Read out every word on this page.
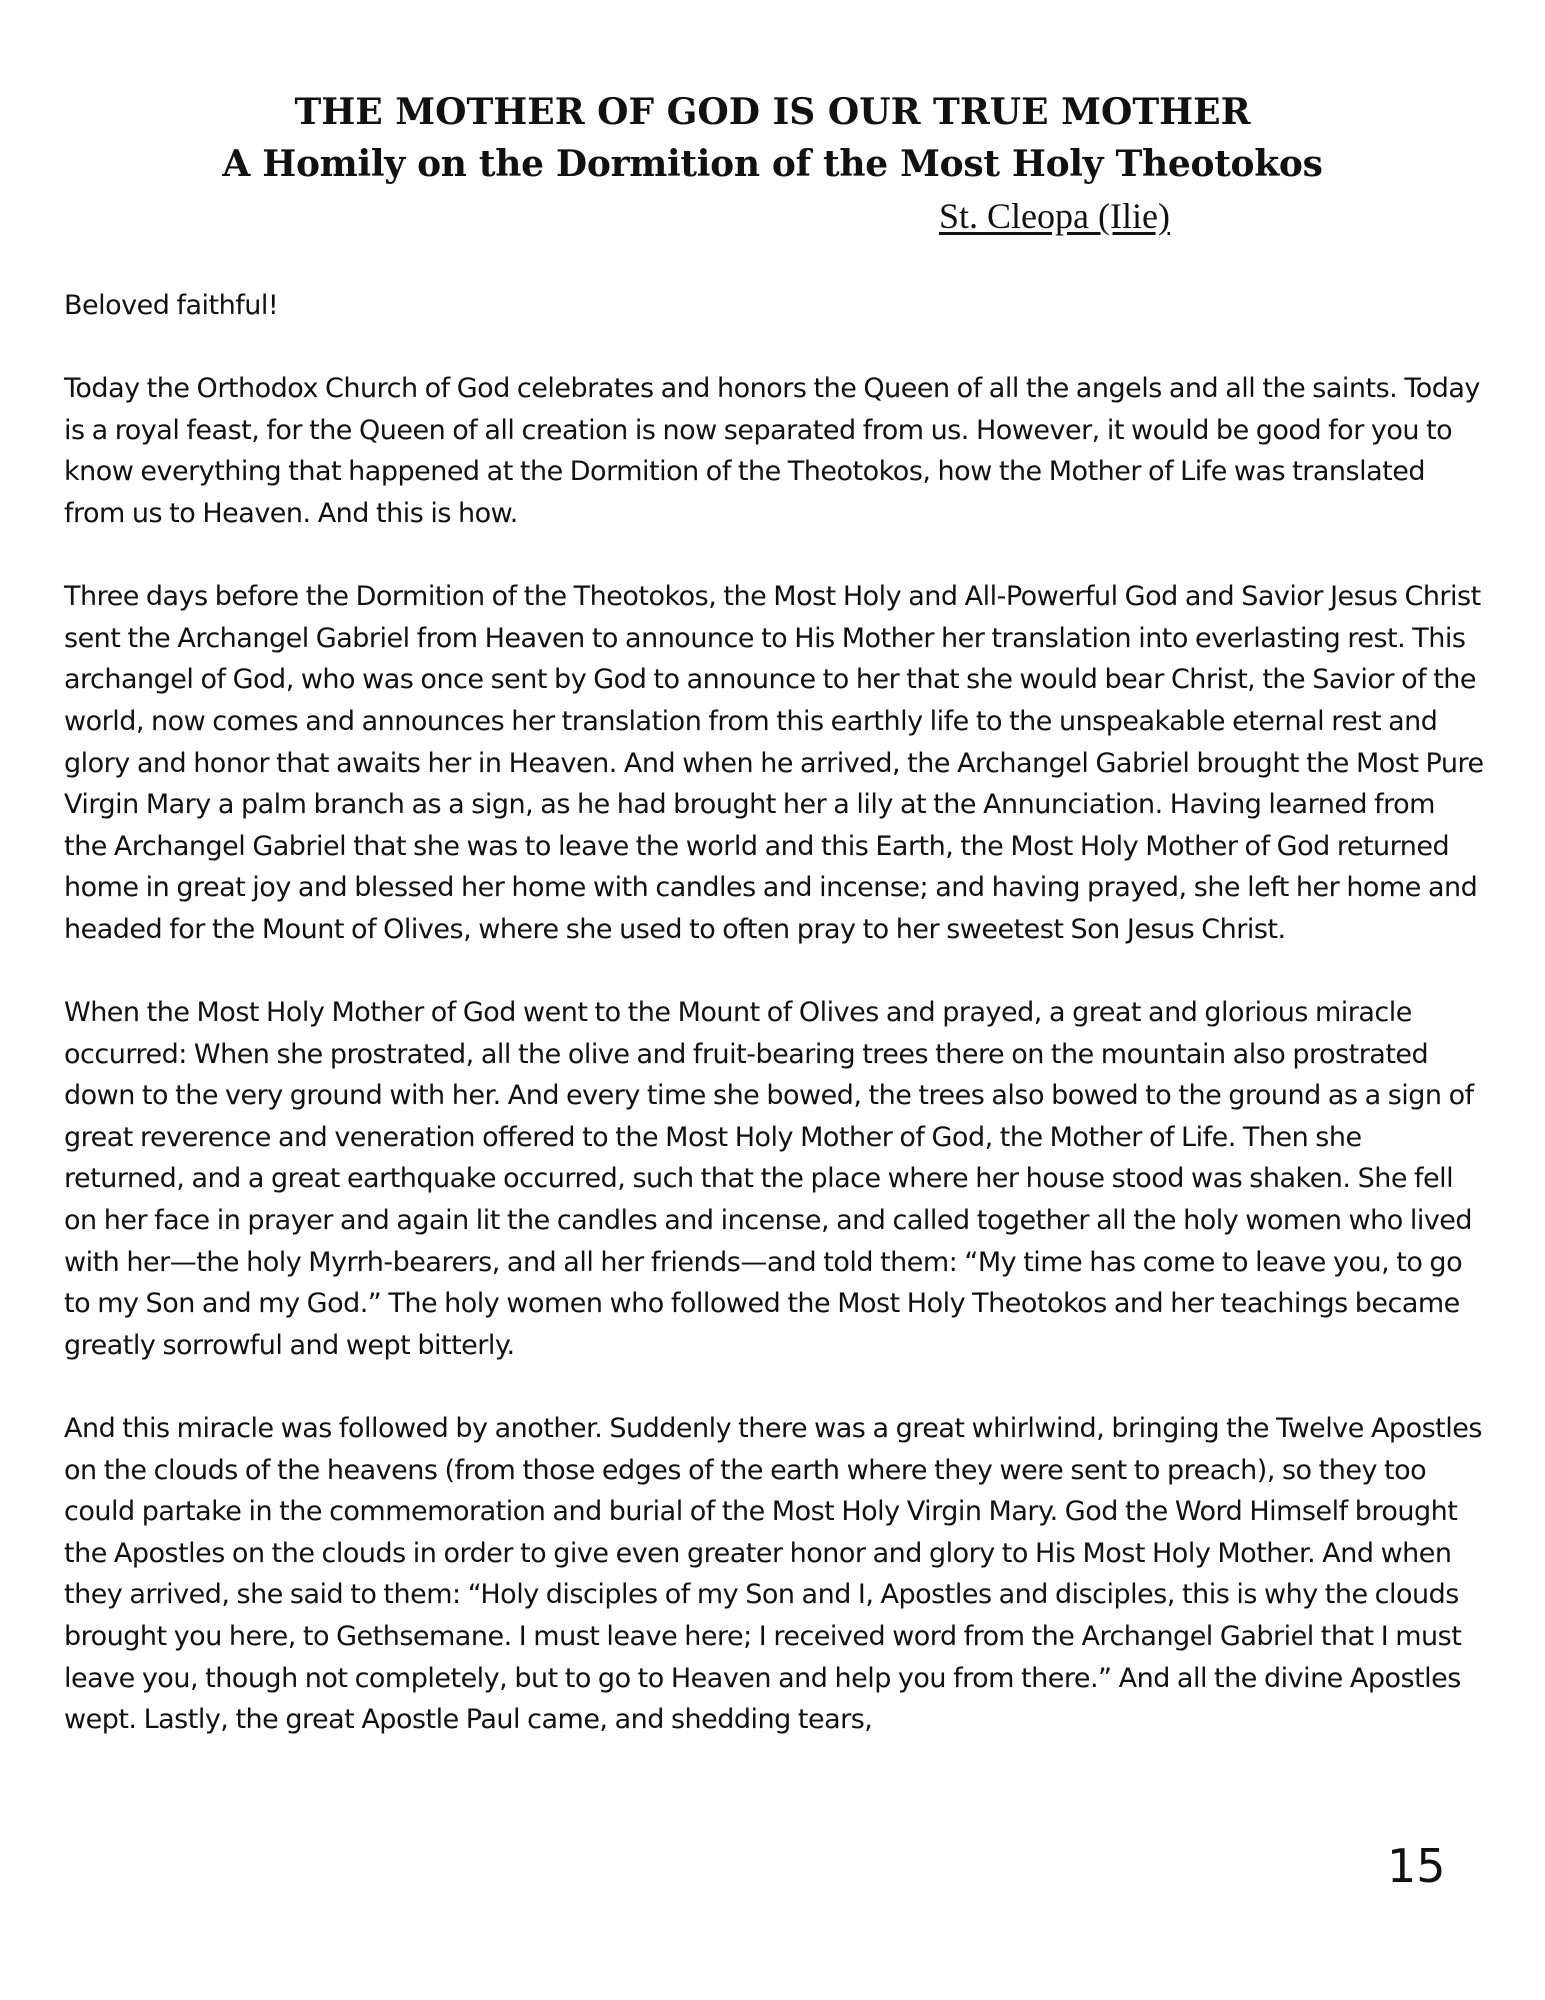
THE MOTHER OF GOD IS OUR TRUE MOTHER
A Homily on the Dormition of the Most Holy Theotokos
St. Cleopa (Ilie)

Beloved faithful!

Today the Orthodox Church of God celebrates and honors the Queen of all the angels and all the saints. Today is a royal feast, for the Queen of all creation is now separated from us. However, it would be good for you to know everything that happened at the Dormition of the Theotokos, how the Mother of Life was translated from us to Heaven. And this is how.

Three days before the Dormition of the Theotokos, the Most Holy and All-Powerful God and Savior Jesus Christ sent the Archangel Gabriel from Heaven to announce to His Mother her translation into everlasting rest. This archangel of God, who was once sent by God to announce to her that she would bear Christ, the Savior of the world, now comes and announces her translation from this earthly life to the unspeakable eternal rest and glory and honor that awaits her in Heaven. And when he arrived, the Archangel Gabriel brought the Most Pure Virgin Mary a palm branch as a sign, as he had brought her a lily at the Annunciation. Having learned from the Archangel Gabriel that she was to leave the world and this Earth, the Most Holy Mother of God returned home in great joy and blessed her home with candles and incense; and having prayed, she left her home and headed for the Mount of Olives, where she used to often pray to her sweetest Son Jesus Christ.

When the Most Holy Mother of God went to the Mount of Olives and prayed, a great and glorious miracle occurred: When she prostrated, all the olive and fruit-bearing trees there on the mountain also prostrated down to the very ground with her. And every time she bowed, the trees also bowed to the ground as a sign of great reverence and veneration offered to the Most Holy Mother of God, the Mother of Life. Then she returned, and a great earthquake occurred, such that the place where her house stood was shaken. She fell on her face in prayer and again lit the candles and incense, and called together all the holy women who lived with her—the holy Myrrh-bearers, and all her friends—and told them: “My time has come to leave you, to go to my Son and my God.” The holy women who followed the Most Holy Theotokos and her teachings became greatly sorrowful and wept bitterly.

And this miracle was followed by another. Suddenly there was a great whirlwind, bringing the Twelve Apostles on the clouds of the heavens (from those edges of the earth where they were sent to preach), so they too could partake in the commemoration and burial of the Most Holy Virgin Mary. God the Word Himself brought the Apostles on the clouds in order to give even greater honor and glory to His Most Holy Mother. And when they arrived, she said to them: “Holy disciples of my Son and I, Apostles and disciples, this is why the clouds brought you here, to Gethsemane. I must leave here; I received word from the Archangel Gabriel that I must leave you, though not completely, but to go to Heaven and help you from there.” And all the divine Apostles wept. Lastly, the great Apostle Paul came, and shedding tears,

15
